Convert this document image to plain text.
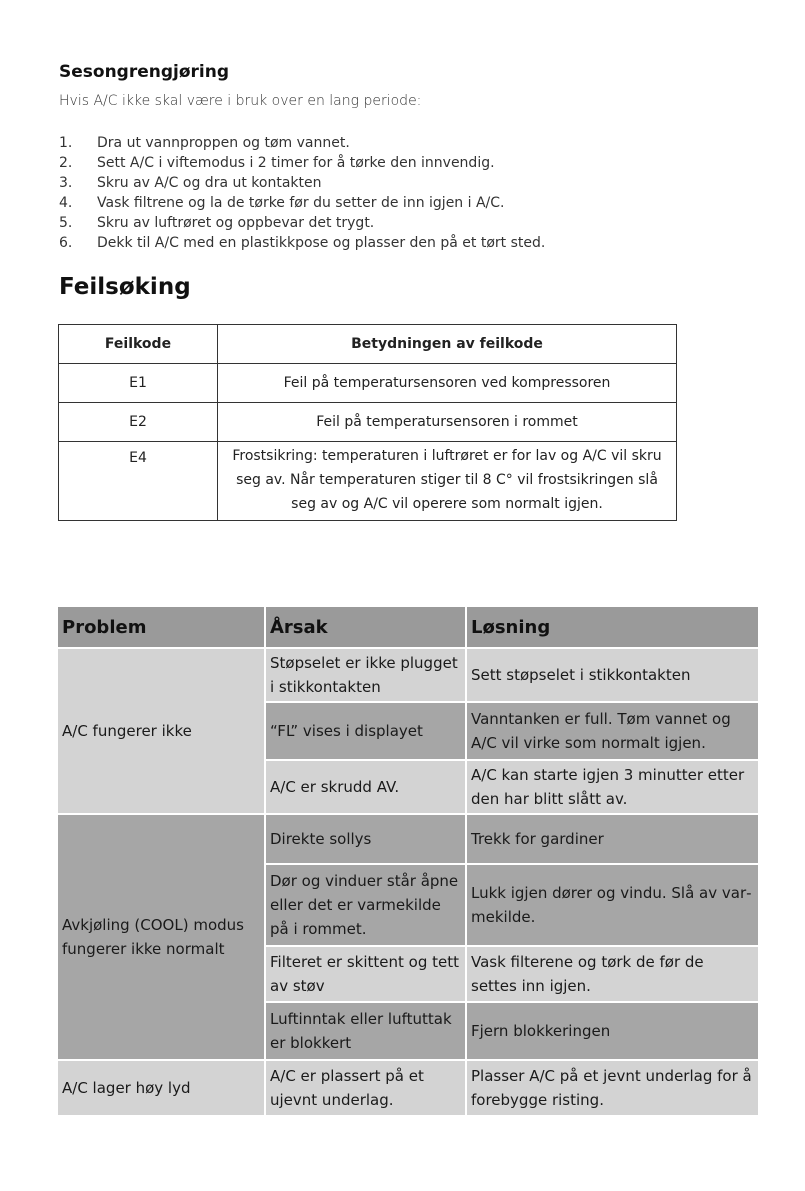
Sesongrengjøring
Hvis A/C ikke skal være i bruk over en lang periode:
1.	Dra ut vannproppen og tøm vannet.
2.	Sett A/C i viftemodus i 2 timer for å tørke den innvendig.
3.	Skru av A/C og dra ut kontakten
4.	Vask filtrene og la de tørke før du setter de inn igjen i A/C.
5.	Skru av luftrøret og oppbevar det trygt.
6.	Dekk til A/C med en plastikkpose og plasser den på et tørt sted.
Feilsøking
Feilkode	Betydningen av feilkode
E1	Feil på temperatursensoren ved kompressoren
E2	Feil på temperatursensoren i rommet
E4	Frostsikring: temperaturen i luftrøret er for lav og A/C vil skru seg av. Når temperaturen stiger til 8 C° vil frostsikringen slå seg av og A/C vil operere som normalt igjen.
Problem	Årsak	Løsning
A/C fungerer ikke	Støpselet er ikke plugget i stikkontakten	Sett støpselet i stikkontakten
	“FL” vises i displayet	Vanntanken er full. Tøm vannet og A/C vil virke som normalt igjen.
	A/C er skrudd AV.	A/C kan starte igjen 3 minutter etter den har blitt slått av.
Avkjøling (COOL) modus fungerer ikke normalt	Direkte sollys	Trekk for gardiner
	Dør og vinduer står åpne eller det er varmekilde på i rommet.	Lukk igjen dører og vindu. Slå av varmekilde.
	Filteret er skittent og tett av støv	Vask filterene og tørk de før de settes inn igjen.
	Luftinntak eller luftuttak er blokkert	Fjern blokkeringen
A/C lager høy lyd	A/C er plassert på et ujevnt underlag.	Plasser A/C på et jevnt underlag for å forebygge risting.
